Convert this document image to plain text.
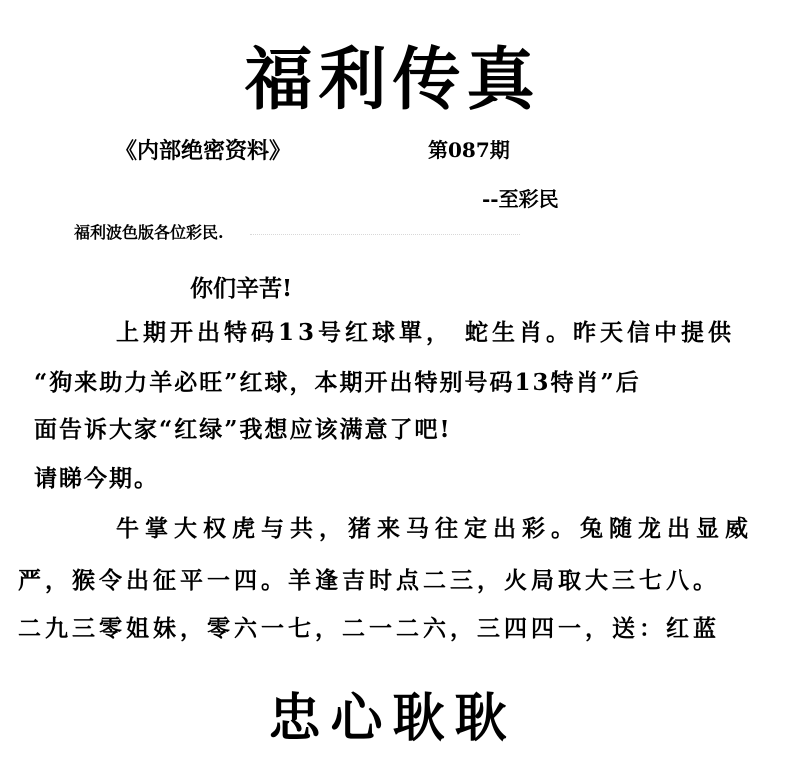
福利传真
《内部绝密资料》	第087期
--至彩民
福利波色版各位彩民.
你们辛苦!
上期开出特码13号红球單， 蛇生肖。昨天信中提供
“狗来助力羊必旺”红球，本期开出特别号码13特肖”后
面告诉大家“红绿”我想应该满意了吧!
请睇今期。
牛掌大权虎与共，猪来马往定出彩。兔随龙出显威
严，猴令出征平一四。羊逢吉时点二三，火局取大三七八。
二九三零姐妹，零六一七，二一二六，三四四一，送：红蓝
忠心耿耿
